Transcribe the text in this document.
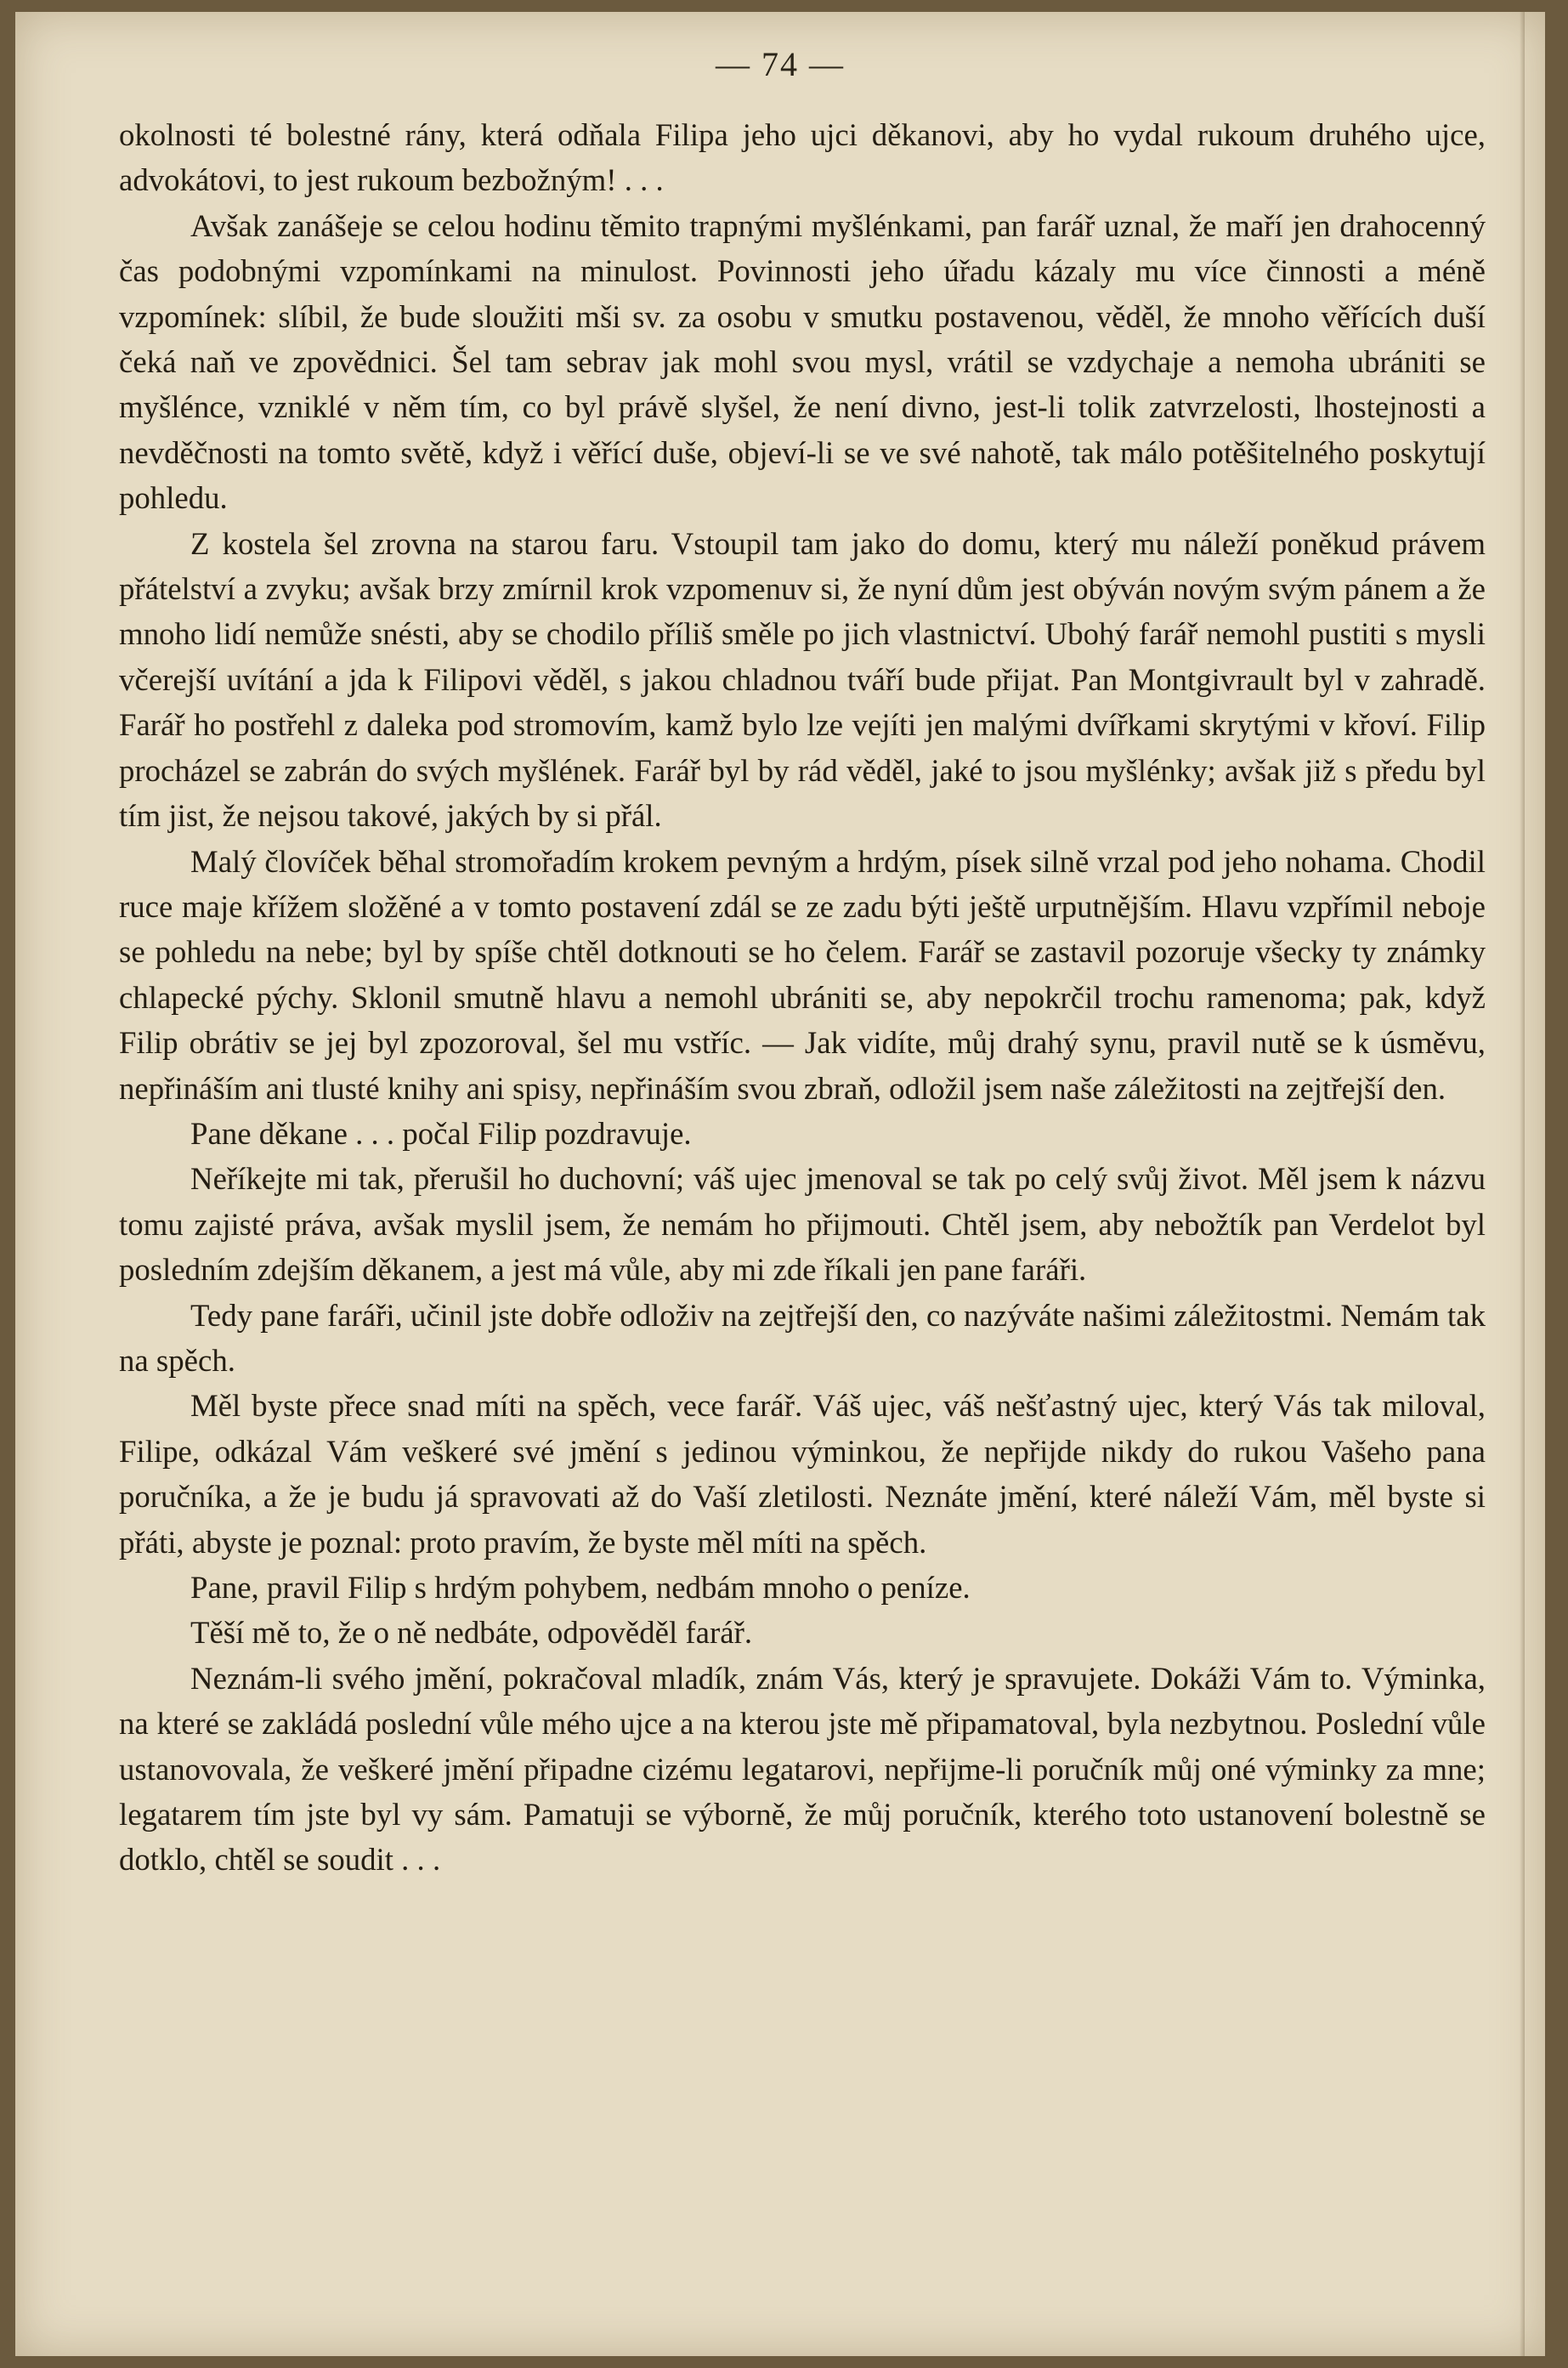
— 74 —

okolnosti té bolestné rány, která odňala Filipa jeho ujci děkanovi, aby ho vydal rukoum druhého ujce, advokátovi, to jest rukoum bezbožným! . . .

Avšak zanášeje se celou hodinu těmito trapnými myšlénkami, pan farář uznal, že maří jen drahocenný čas podobnými vzpomínkami na minulost. Povinnosti jeho úřadu kázaly mu více činnosti a méně vzpomínek: slíbil, že bude sloužiti mši sv. za osobu v smutku postavenou, věděl, že mnoho věřících duší čeká naň ve zpovědnici. Šel tam sebrav jak mohl svou mysl, vrátil se vzdychaje a nemoha ubrániti se myšlénce, vzniklé v něm tím, co byl právě slyšel, že není divno, jest-li tolik zatvrzelosti, lhostejnosti a nevděčnosti na tomto světě, když i věřící duše, objeví-li se ve své nahotě, tak málo potěšitelného poskytují pohledu.

Z kostela šel zrovna na starou faru. Vstoupil tam jako do domu, který mu náleží poněkud právem přátelství a zvyku; avšak brzy zmírnil krok vzpomenuv si, že nyní dům jest obýván novým svým pánem a že mnoho lidí nemůže snésti, aby se chodilo příliš směle po jich vlastnictví. Ubohý farář nemohl pustiti s mysli včerejší uvítání a jda k Filipovi věděl, s jakou chladnou tváří bude přijat. Pan Montgivrault byl v zahradě. Farář ho postřehl z daleka pod stromovím, kamž bylo lze vejíti jen malými dvířkami skrytými v křoví. Filip procházel se zabrán do svých myšlének. Farář byl by rád věděl, jaké to jsou myšlénky; avšak již s předu byl tím jist, že nejsou takové, jakých by si přál.

Malý človíček běhal stromořadím krokem pevným a hrdým, písek silně vrzal pod jeho nohama. Chodil ruce maje křížem složěné a v tomto postavení zdál se ze zadu býti ještě urputnějším. Hlavu vzpřímil neboje se pohledu na nebe; byl by spíše chtěl dotknouti se ho čelem. Farář se zastavil pozoruje všecky ty známky chlapecké pýchy. Sklonil smutně hlavu a nemohl ubrániti se, aby nepokrčil trochu ramenoma; pak, když Filip obrátiv se jej byl zpozoroval, šel mu vstříc. — Jak vidíte, můj drahý synu, pravil nutě se k úsměvu, nepřináším ani tlusté knihy ani spisy, nepřináším svou zbraň, odložil jsem naše záležitosti na zejtřejší den.

Pane děkane . . . počal Filip pozdravuje.

Neříkejte mi tak, přerušil ho duchovní; váš ujec jmenoval se tak po celý svůj život. Měl jsem k názvu tomu zajisté práva, avšak myslil jsem, že nemám ho přijmouti. Chtěl jsem, aby nebožtík pan Verdelot byl posledním zdejším děkanem, a jest má vůle, aby mi zde říkali jen pane faráři.

Tedy pane faráři, učinil jste dobře odloživ na zejtřejší den, co nazýváte našimi záležitostmi. Nemám tak na spěch.

Měl byste přece snad míti na spěch, vece farář. Váš ujec, váš nešťastný ujec, který Vás tak miloval, Filipe, odkázal Vám veškeré své jmění s jedinou výminkou, že nepřijde nikdy do rukou Vašeho pana poručníka, a že je budu já spravovati až do Vaší zletilosti. Neznáte jmění, které náleží Vám, měl byste si přáti, abyste je poznal: proto pravím, že byste měl míti na spěch.

Pane, pravil Filip s hrdým pohybem, nedbám mnoho o peníze.

Těší mě to, že o ně nedbáte, odpověděl farář.

Neznám-li svého jmění, pokračoval mladík, znám Vás, který je spravujete. Dokáži Vám to. Výminka, na které se zakládá poslední vůle mého ujce a na kterou jste mě připamatoval, byla nezbytnou. Poslední vůle ustanovovala, že veškeré jmění připadne cizému legatarovi, nepřijme-li poručník můj oné výminky za mne; legatarem tím jste byl vy sám. Pamatuji se výborně, že můj poručník, kterého toto ustanovení bolestně se dotklo, chtěl se soudit . . .
